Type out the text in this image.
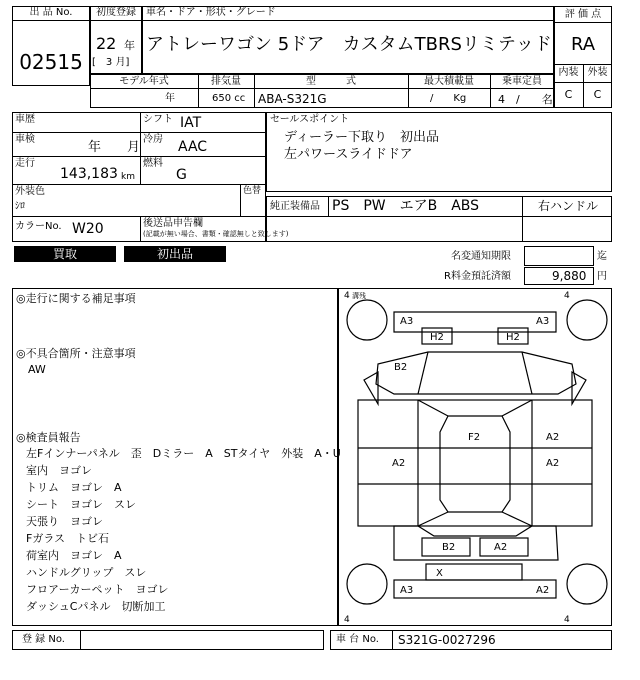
出 品 No.
02515
初度登録
22 年
[　3 月]
車名・ドア・形状・グレード
アトレーワゴン 5ドア　カスタムTBRSリミテッド
評 価 点
RA
内装 外装
C	C
モデル年式
年
排気量
650 cc
型　　　式
ABA-S321G
最大積載量
/　　Kg
乗車定員
4　/　　名
車歴	シフト IAT
車検
年　　月
冷房 AAC
走行
143,183 km
燃料
G
外装色
ｼﾛ
色替
カラーNo. W20	後送品申告欄
(記載が無い場合、書類・確認無しと致します)
セールスポイント
ディーラー下取り　初出品
左パワースライドドア
純正装備品 PS　PW　エアB　ABS	右ハンドル
買取	初出品	名変通知期限	迄
R料金預託済額	9,880 円
◎走行に関する補足事項
◎不具合箇所・注意事項
AW
◎検査員報告
左Fインナーパネル　歪　Dミラー　A　STタイヤ　外装　A・U
室内　ヨゴレ
トリム　ヨゴレ　A
シート　ヨゴレ　スレ
天張り　ヨゴレ
Fガラス　トビ石
荷室内　ヨゴレ　A
ハンドルグリップ　スレ
フロアーカーペット　ヨゴレ
ダッシュCパネル　切断加工
4 溝残	4
4	4
A3	A3
H2	H2
B2
F2	A2
A2	A2
B2	A2
X
A3	A2
登 録 No.	車 台 No. S321G-0027296
